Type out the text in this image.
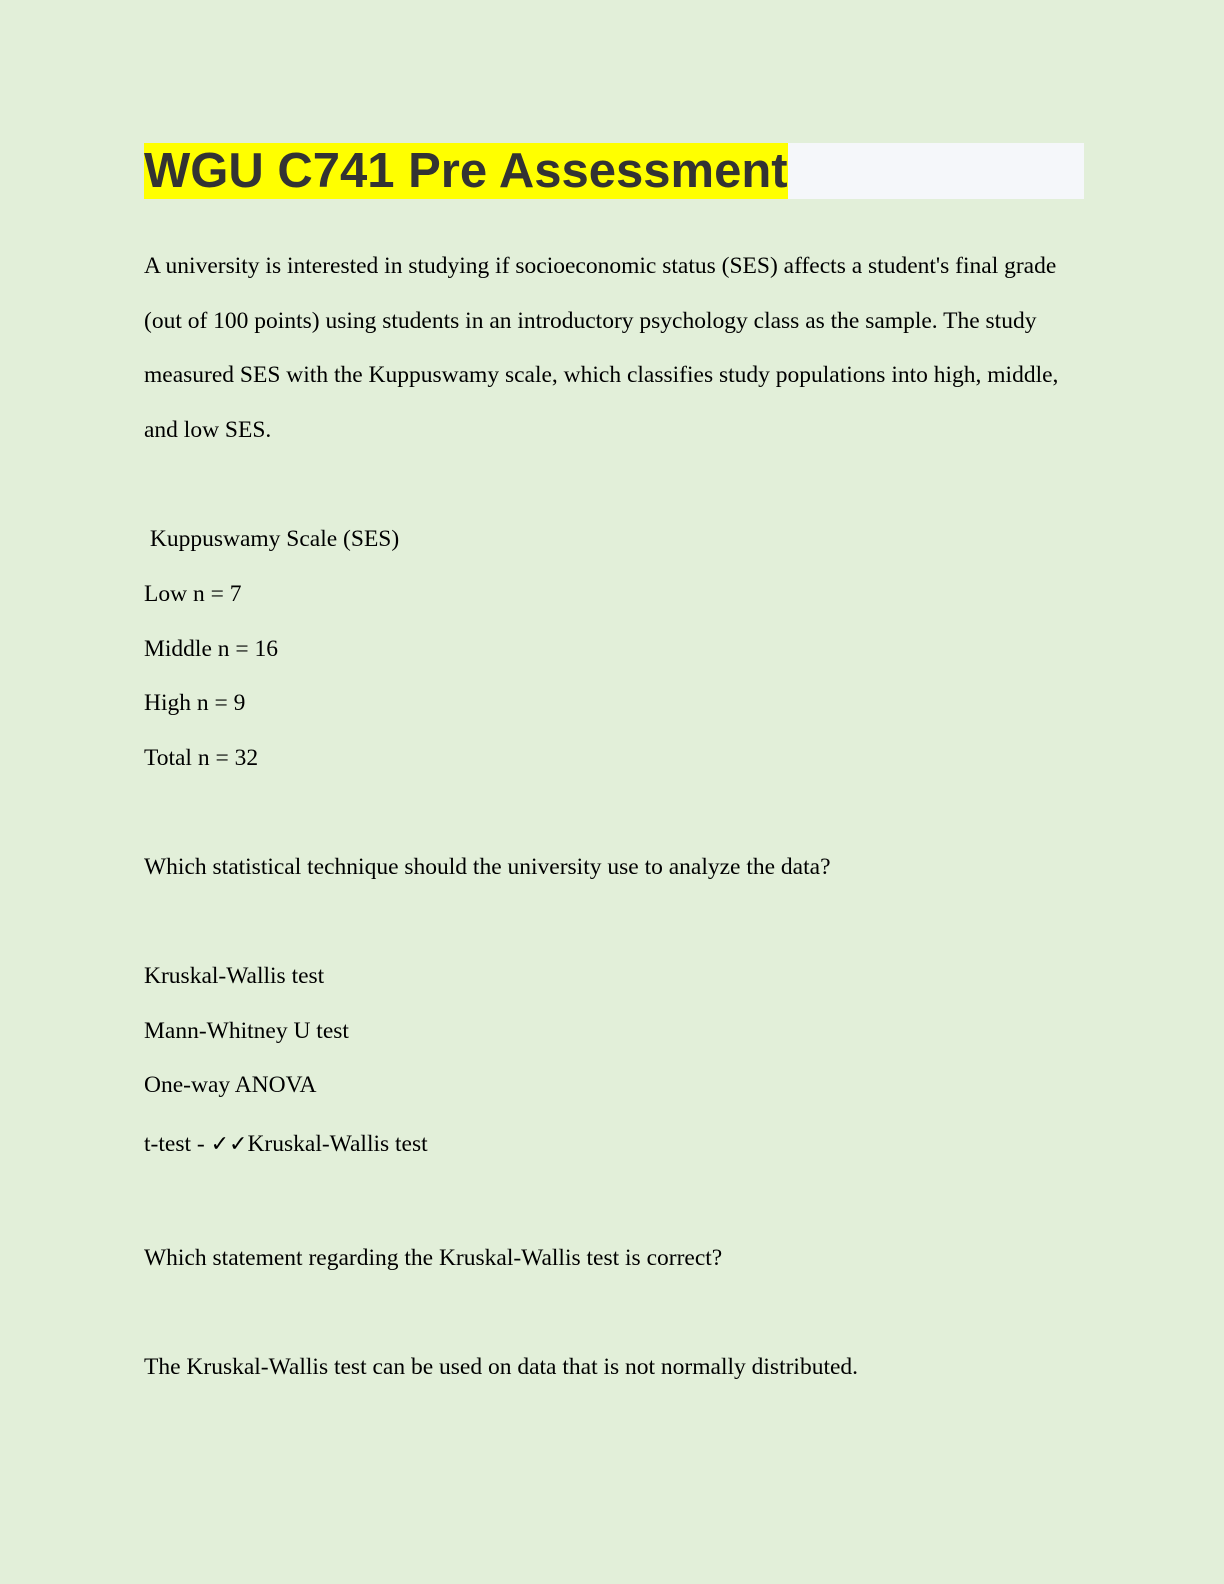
WGU C741 Pre Assessment

A university is interested in studying if socioeconomic status (SES) affects a student's final grade

(out of 100 points) using students in an introductory psychology class as the sample. The study

measured SES with the Kuppuswamy scale, which classifies study populations into high, middle,

and low SES.

Kuppuswamy Scale (SES)

Low n = 7

Middle n = 16

High n = 9

Total n = 32

Which statistical technique should the university use to analyze the data?

Kruskal-Wallis test

Mann-Whitney U test

One-way ANOVA

t-test - ✓✓Kruskal-Wallis test

Which statement regarding the Kruskal-Wallis test is correct?

The Kruskal-Wallis test can be used on data that is not normally distributed.
